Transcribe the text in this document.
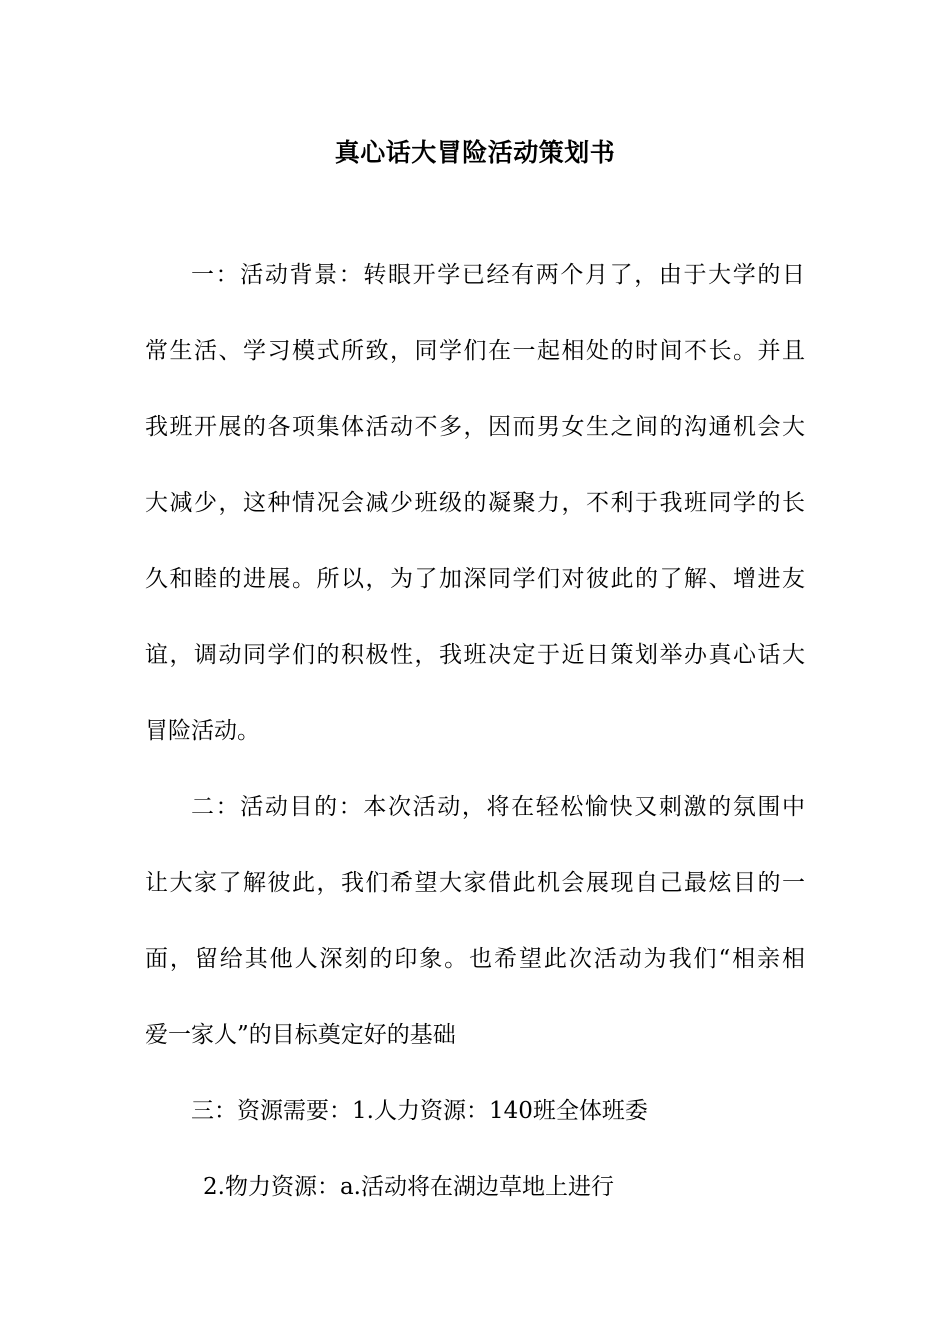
真心话大冒险活动策划书
一：活动背景：转眼开学已经有两个月了，由于大学的日
常生活、学习模式所致，同学们在一起相处的时间不长。并且
我班开展的各项集体活动不多，因而男女生之间的沟通机会大
大减少，这种情况会减少班级的凝聚力，不利于我班同学的长
久和睦的进展。所以，为了加深同学们对彼此的了解、增进友
谊，调动同学们的积极性，我班决定于近日策划举办真心话大
冒险活动。
二：活动目的：本次活动，将在轻松愉快又刺激的氛围中
让大家了解彼此，我们希望大家借此机会展现自己最炫目的一
面，留给其他人深刻的印象。也希望此次活动为我们“相亲相
爱一家人”的目标奠定好的基础
三：资源需要：1.人力资源：140班全体班委
2.物力资源：a.活动将在湖边草地上进行
